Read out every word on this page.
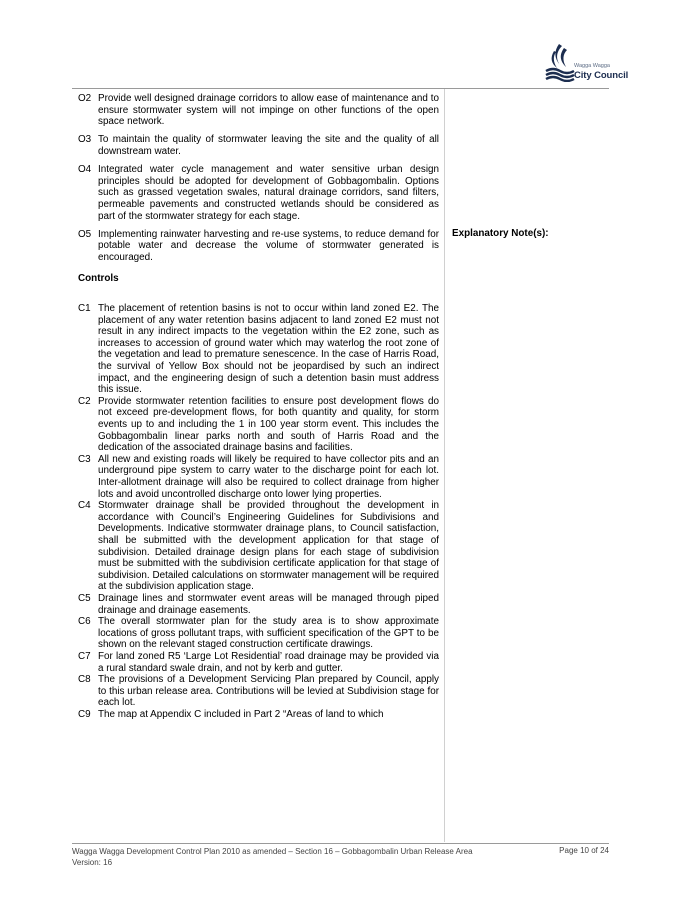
Wagga Wagga
City Council
O2 Provide well designed drainage corridors to allow ease of maintenance and to ensure stormwater system will not impinge on other functions of the open space network.
O3 To maintain the quality of stormwater leaving the site and the quality of all downstream water.
O4 Integrated water cycle management and water sensitive urban design principles should be adopted for development of Gobbagombalin. Options such as grassed vegetation swales, natural drainage corridors, sand filters, permeable pavements and constructed wetlands should be considered as part of the stormwater strategy for each stage.
O5 Implementing rainwater harvesting and re-use systems, to reduce demand for potable water and decrease the volume of stormwater generated is encouraged.
Controls
C1 The placement of retention basins is not to occur within land zoned E2. The placement of any water retention basins adjacent to land zoned E2 must not result in any indirect impacts to the vegetation within the E2 zone, such as increases to accession of ground water which may waterlog the root zone of the vegetation and lead to premature senescence. In the case of Harris Road, the survival of Yellow Box should not be jeopardised by such an indirect impact, and the engineering design of such a detention basin must address this issue.
C2 Provide stormwater retention facilities to ensure post development flows do not exceed pre-development flows, for both quantity and quality, for storm events up to and including the 1 in 100 year storm event. This includes the Gobbagombalin linear parks north and south of Harris Road and the dedication of the associated drainage basins and facilities.
C3 All new and existing roads will likely be required to have collector pits and an underground pipe system to carry water to the discharge point for each lot. Inter-allotment drainage will also be required to collect drainage from higher lots and avoid uncontrolled discharge onto lower lying properties.
C4 Stormwater drainage shall be provided throughout the development in accordance with Council’s Engineering Guidelines for Subdivisions and Developments. Indicative stormwater drainage plans, to Council satisfaction, shall be submitted with the development application for that stage of subdivision. Detailed drainage design plans for each stage of subdivision must be submitted with the subdivision certificate application for that stage of subdivision. Detailed calculations on stormwater management will be required at the subdivision application stage.
C5 Drainage lines and stormwater event areas will be managed through piped drainage and drainage easements.
C6 The overall stormwater plan for the study area is to show approximate locations of gross pollutant traps, with sufficient specification of the GPT to be shown on the relevant staged construction certificate drawings.
C7 For land zoned R5 ‘Large Lot Residential’ road drainage may be provided via a rural standard swale drain, and not by kerb and gutter.
C8 The provisions of a Development Servicing Plan prepared by Council, apply to this urban release area. Contributions will be levied at Subdivision stage for each lot.
C9 The map at Appendix C included in Part 2 “Areas of land to which
Explanatory Note(s):
Wagga Wagga Development Control Plan 2010 as amended – Section 16 – Gobbagombalin Urban Release Area
Version: 16
Page 10 of 24
